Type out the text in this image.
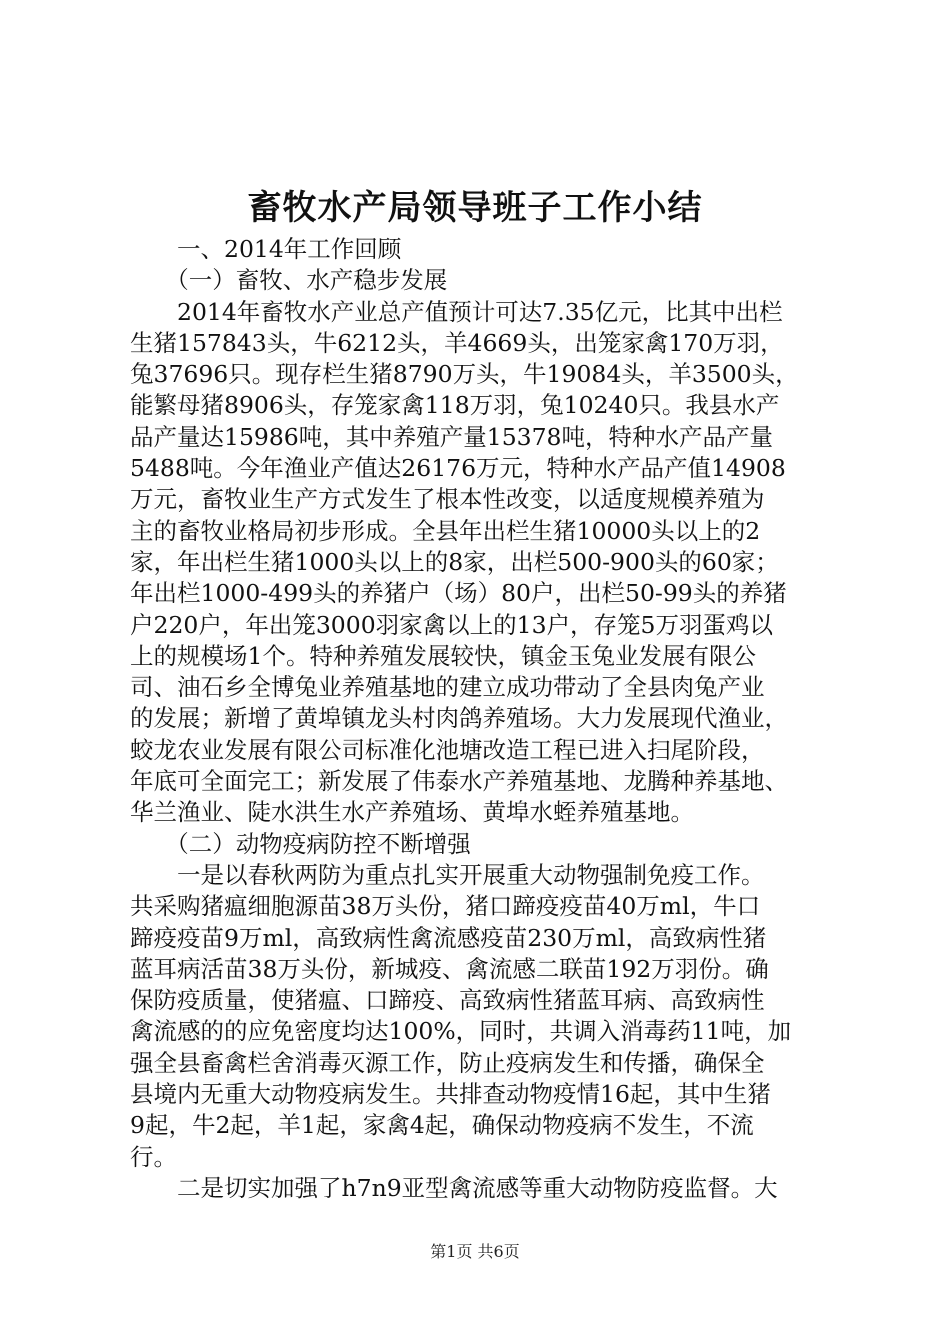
畜牧水产局领导班子工作小结
　　一、2014年工作回顾
　　（一）畜牧、水产稳步发展
　　2014年畜牧水产业总产值预计可达7.35亿元，比其中出栏
生猪157843头，牛6212头，羊4669头，出笼家禽170万羽，
兔37696只。现存栏生猪8790万头，牛19084头，羊3500头，
能繁母猪8906头，存笼家禽118万羽，兔10240只。我县水产
品产量达15986吨，其中养殖产量15378吨，特种水产品产量
5488吨。今年渔业产值达26176万元，特种水产品产值14908
万元，畜牧业生产方式发生了根本性改变，以适度规模养殖为
主的畜牧业格局初步形成。全县年出栏生猪10000头以上的2
家，年出栏生猪1000头以上的8家，出栏500-900头的60家；
年出栏1000-499头的养猪户（场）80户，出栏50-99头的养猪
户220户，年出笼3000羽家禽以上的13户，存笼5万羽蛋鸡以
上的规模场1个。特种养殖发展较快，镇金玉兔业发展有限公
司、油石乡全博兔业养殖基地的建立成功带动了全县肉兔产业
的发展；新增了黄埠镇龙头村肉鸽养殖场。大力发展现代渔业，
蛟龙农业发展有限公司标准化池塘改造工程已进入扫尾阶段，
年底可全面完工；新发展了伟泰水产养殖基地、龙腾种养基地、
华兰渔业、陡水洪生水产养殖场、黄埠水蛭养殖基地。
　　（二）动物疫病防控不断增强
　　一是以春秋两防为重点扎实开展重大动物强制免疫工作。
共采购猪瘟细胞源苗38万头份，猪口蹄疫疫苗40万ml，牛口
蹄疫疫苗9万ml，高致病性禽流感疫苗230万ml，高致病性猪
蓝耳病活苗38万头份，新城疫、禽流感二联苗192万羽份。确
保防疫质量，使猪瘟、口蹄疫、高致病性猪蓝耳病、高致病性
禽流感的的应免密度均达100%，同时，共调入消毒药11吨，加
强全县畜禽栏舍消毒灭源工作，防止疫病发生和传播，确保全
县境内无重大动物疫病发生。共排查动物疫情16起，其中生猪
9起，牛2起，羊1起，家禽4起，确保动物疫病不发生，不流
行。
　　二是切实加强了h7n9亚型禽流感等重大动物防疫监督。大
第1页 共6页
